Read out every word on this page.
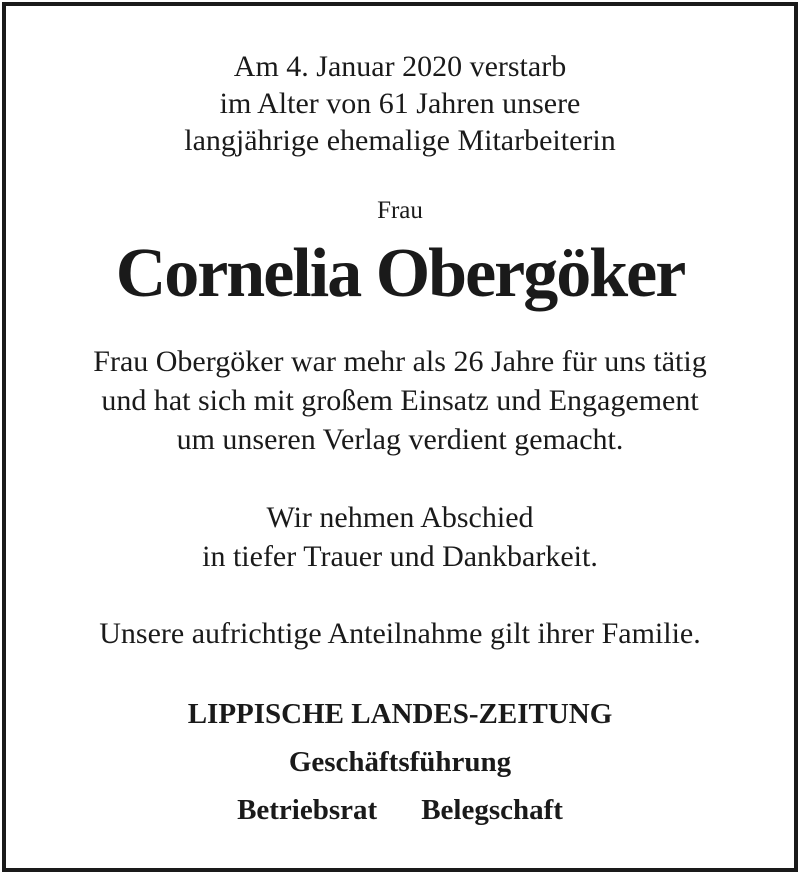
Am 4. Januar 2020 verstarb
im Alter von 61 Jahren unsere
langjährige ehemalige Mitarbeiterin
Frau
Cornelia Obergöker
Frau Obergöker war mehr als 26 Jahre für uns tätig
und hat sich mit großem Einsatz und Engagement
um unseren Verlag verdient gemacht.
Wir nehmen Abschied
in tiefer Trauer und Dankbarkeit.
Unsere aufrichtige Anteilnahme gilt ihrer Familie.
LIPPISCHE LANDES-ZEITUNG
Geschäftsführung
Betriebsrat Belegschaft
